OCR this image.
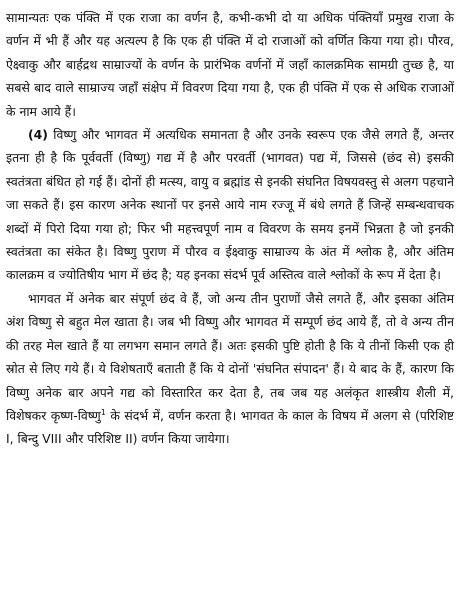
सामान्यतः एक पंक्ति में एक राजा का वर्णन है, कभी-कभी दो या अधिक पंक्तियाँ प्रमुख राजा के वर्णन में भी हैं और यह अत्यल्प है कि एक ही पंक्ति में दो राजाओं को वर्णित किया गया हो। पौरव, ऐक्ष्वाकु और बार्हद्रथ साम्राज्यों के वर्णन के प्रारंभिक वर्णनों में जहाँ कालक्रमिक सामग्री तुच्छ है, या सबसे बाद वाले साम्राज्य जहाँ संक्षेप में विवरण दिया गया है, एक ही पंक्ति में एक से अधिक राजाओं के नाम आये हैं।

(4) विष्णु और भागवत में अत्यधिक समानता है और उनके स्वरूप एक जैसे लगते हैं, अन्तर इतना ही है कि पूर्ववर्ती (विष्णु) गद्य में है और परवर्ती (भागवत) पद्य में, जिससे (छंद से) इसकी स्वतंत्रता बंधित हो गई हैं। दोनों ही मत्स्य, वायु व ब्रह्मांड से इनकी संघनित विषयवस्तु से अलग पहचाने जा सकते हैं। इस कारण अनेक स्थानों पर इनसे आये नाम रज्जू में बंधे लगते हैं जिन्हें सम्बन्धवाचक शब्दों में पिरो दिया गया हो; फिर भी महत्त्वपूर्ण नाम व विवरण के समय इनमें भिन्नता है जो इनकी स्वतंत्रता का संकेत है। विष्णु पुराण में पौरव व ईक्ष्वाकु साम्राज्य के अंत में श्लोक है, और अंतिम कालक्रम व ज्योतिषीय भाग में छंद है; यह इनका संदर्भ पूर्व अस्तित्व वाले श्लोकों के रूप में देता है।

भागवत में अनेक बार संपूर्ण छंद वे हैं, जो अन्य तीन पुराणों जैसे लगते हैं, और इसका अंतिम अंश विष्णु से बहुत मेल खाता है। जब भी विष्णु और भागवत में सम्पूर्ण छंद आये हैं, तो वे अन्य तीन की तरह मेल खाते हैं या लगभग समान लगते हैं। अतः इसकी पुष्टि होती है कि ये तीनों किसी एक ही स्रोत से लिए गये हैं। ये विशेषताएँ बताती हैं कि ये दोनों 'संघनित संपादन' हैं। ये बाद के हैं, कारण कि विष्णु अनेक बार अपने गद्य को विस्तारित कर देता है, तब जब यह अलंकृत शास्त्रीय शैली में, विशेषकर कृष्ण-विष्णु$^1$ के संदर्भ में, वर्णन करता है। भागवत के काल के विषय में अलग से (परिशिष्ट I, बिन्दु VIII और परिशिष्ट II) वर्णन किया जायेगा।
